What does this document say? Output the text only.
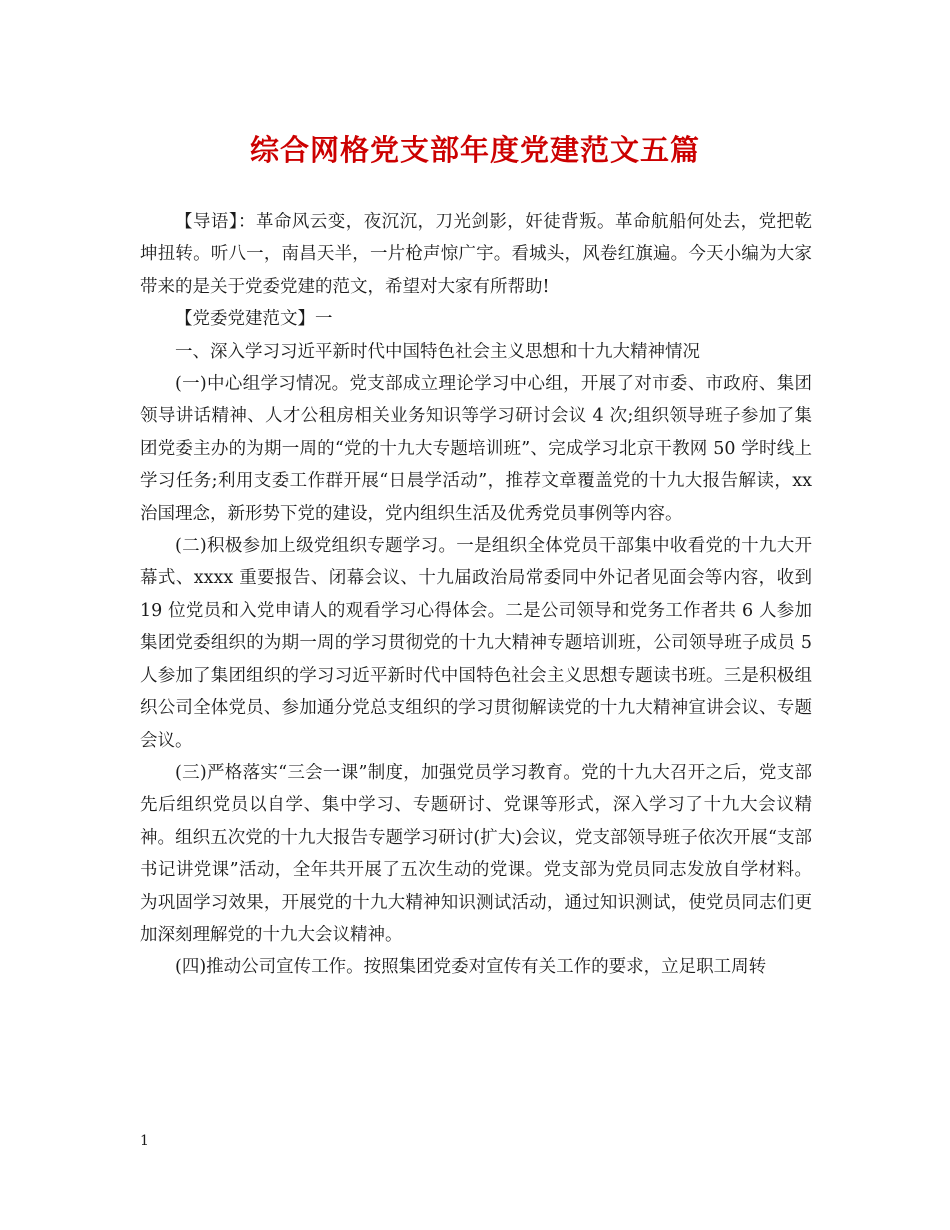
综合网格党支部年度党建范文五篇

【导语】：革命风云变，夜沉沉，刀光剑影，奸徒背叛。革命航船何处去，党把乾坤扭转。听八一，南昌天半，一片枪声惊广宇。看城头，风卷红旗遍。今天小编为大家带来的是关于党委党建的范文，希望对大家有所帮助!

【党委党建范文】一

一、深入学习习近平新时代中国特色社会主义思想和十九大精神情况

(一)中心组学习情况。党支部成立理论学习中心组，开展了对市委、市政府、集团领导讲话精神、人才公租房相关业务知识等学习研讨会议 4 次;组织领导班子参加了集团党委主办的为期一周的“党的十九大专题培训班”、完成学习北京干教网 50 学时线上学习任务;利用支委工作群开展“日晨学活动”，推荐文章覆盖党的十九大报告解读，xx 治国理念，新形势下党的建设，党内组织生活及优秀党员事例等内容。

(二)积极参加上级党组织专题学习。一是组织全体党员干部集中收看党的十九大开幕式、xxxx 重要报告、闭幕会议、十九届政治局常委同中外记者见面会等内容，收到 19 位党员和入党申请人的观看学习心得体会。二是公司领导和党务工作者共 6 人参加集团党委组织的为期一周的学习贯彻党的十九大精神专题培训班，公司领导班子成员 5 人参加了集团组织的学习习近平新时代中国特色社会主义思想专题读书班。三是积极组织公司全体党员、参加通分党总支组织的学习贯彻解读党的十九大精神宣讲会议、专题会议。

(三)严格落实“三会一课”制度，加强党员学习教育。党的十九大召开之后，党支部先后组织党员以自学、集中学习、专题研讨、党课等形式，深入学习了十九大会议精神。组织五次党的十九大报告专题学习研讨(扩大)会议，党支部领导班子依次开展“支部书记讲党课”活动，全年共开展了五次生动的党课。党支部为党员同志发放自学材料。为巩固学习效果，开展党的十九大精神知识测试活动，通过知识测试，使党员同志们更加深刻理解党的十九大会议精神。

(四)推动公司宣传工作。按照集团党委对宣传有关工作的要求，立足职工周转

1
